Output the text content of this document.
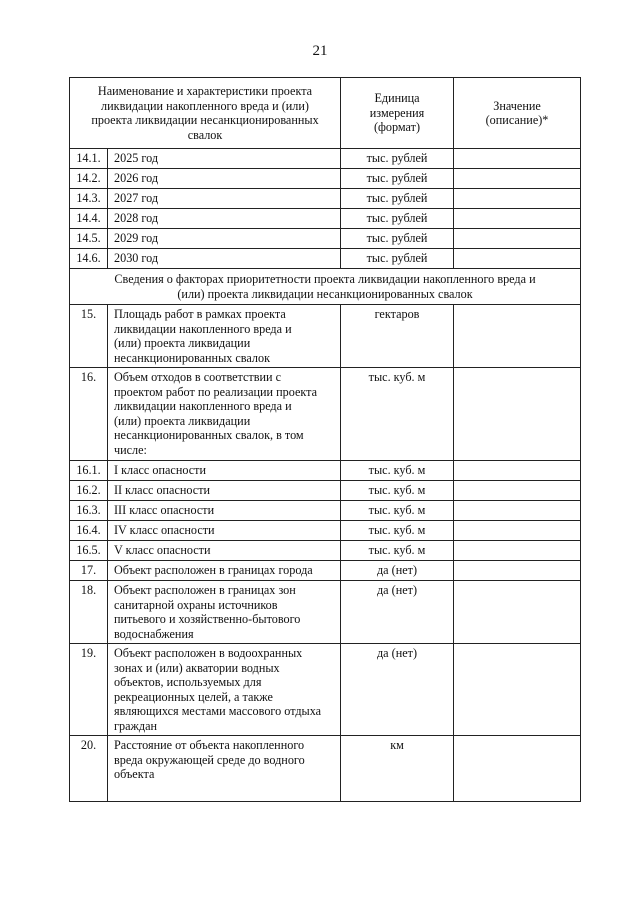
21
Наименование и характеристики проекта ликвидации накопленного вреда и (или) проекта ликвидации несанкционированных свалок		Единица измерения (формат)	Значение (описание)*
14.1.	2025 год	тыс. рублей	
14.2.	2026 год	тыс. рублей	
14.3.	2027 год	тыс. рублей	
14.4.	2028 год	тыс. рублей	
14.5.	2029 год	тыс. рублей	
14.6.	2030 год	тыс. рублей	
Сведения о факторах приоритетности проекта ликвидации накопленного вреда и (или) проекта ликвидации несанкционированных свалок			
15.	Площадь работ в рамках проекта ликвидации накопленного вреда и (или) проекта ликвидации несанкционированных свалок	гектаров	
16.	Объем отходов в соответствии с проектом работ по реализации проекта ликвидации накопленного вреда и (или) проекта ликвидации несанкционированных свалок, в том числе:	тыс. куб. м	
16.1.	I класс опасности	тыс. куб. м	
16.2.	II класс опасности	тыс. куб. м	
16.3.	III класс опасности	тыс. куб. м	
16.4.	IV класс опасности	тыс. куб. м	
16.5.	V класс опасности	тыс. куб. м	
17.	Объект расположен в границах города	да (нет)	
18.	Объект расположен в границах зон санитарной охраны источников питьевого и хозяйственно-бытового водоснабжения	да (нет)	
19.	Объект расположен в водоохранных зонах и (или) акватории водных объектов, используемых для рекреационных целей, а также являющихся местами массового отдыха граждан	да (нет)	
20.	Расстояние от объекта накопленного вреда окружающей среде до водного объекта	км	
